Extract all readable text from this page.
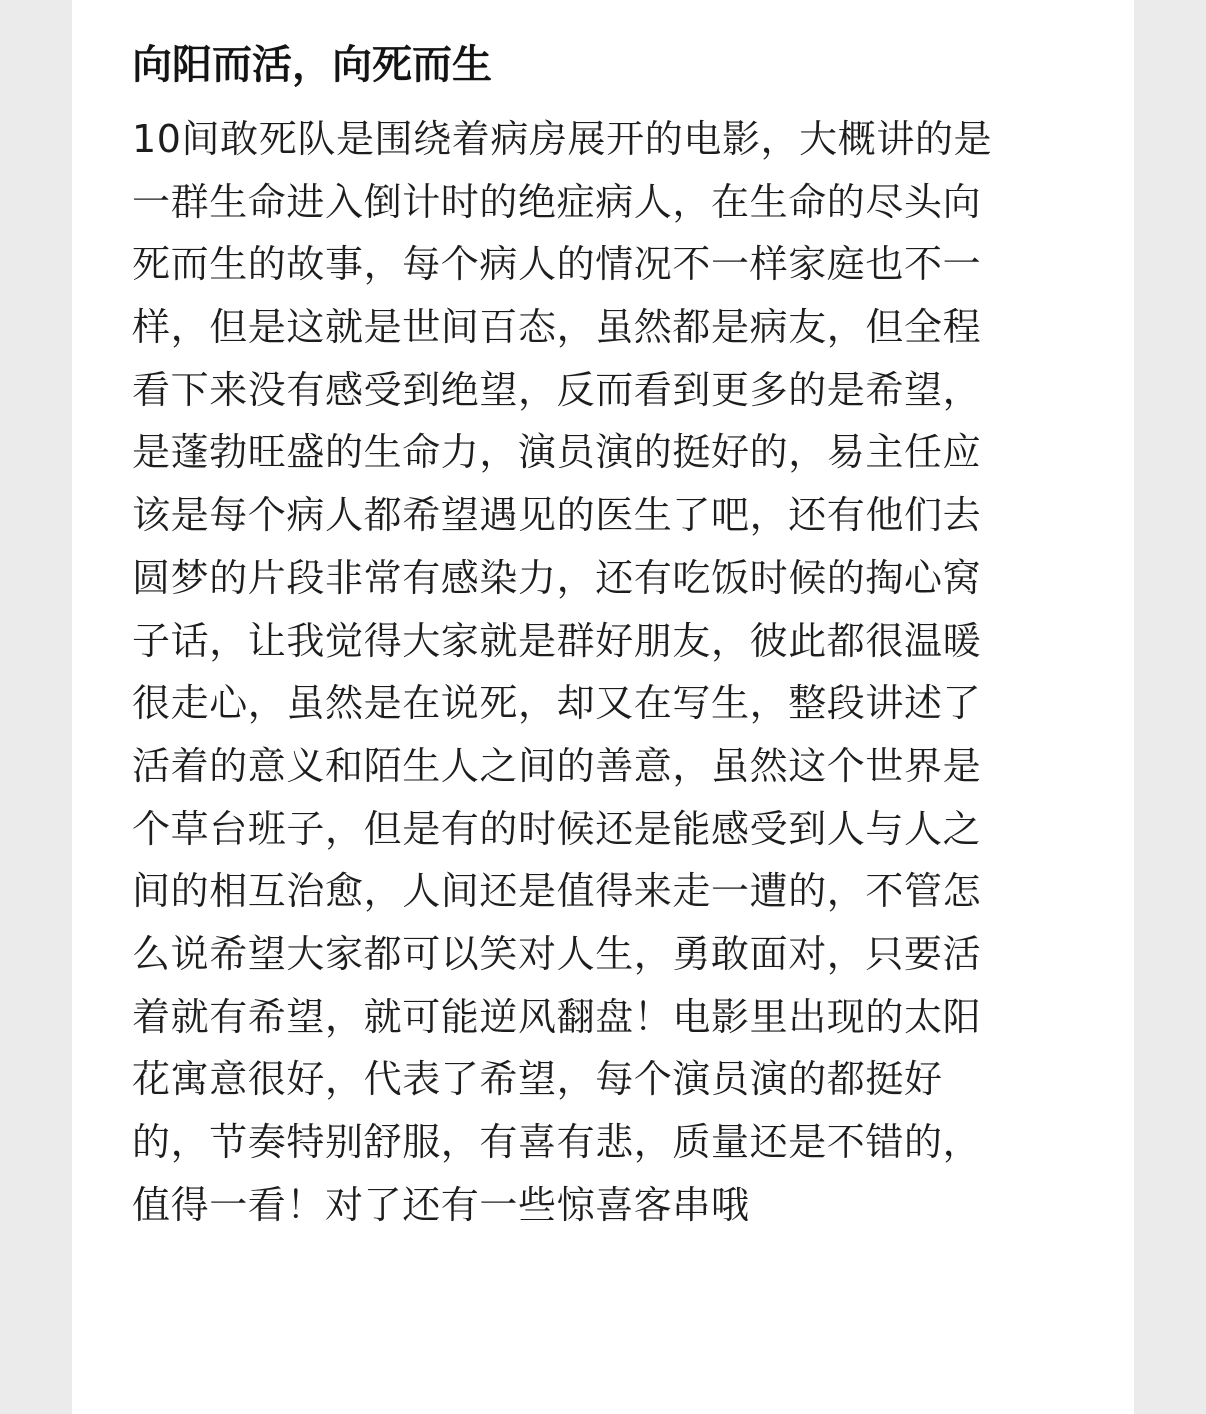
向阳而活，向死而生
10间敢死队是围绕着病房展开的电影，大概讲的是
一群生命进入倒计时的绝症病人，在生命的尽头向
死而生的故事，每个病人的情况不一样家庭也不一
样，但是这就是世间百态，虽然都是病友，但全程
看下来没有感受到绝望，反而看到更多的是希望，
是蓬勃旺盛的生命力，演员演的挺好的，易主任应
该是每个病人都希望遇见的医生了吧，还有他们去
圆梦的片段非常有感染力，还有吃饭时候的掏心窝
子话，让我觉得大家就是群好朋友，彼此都很温暖
很走心，虽然是在说死，却又在写生，整段讲述了
活着的意义和陌生人之间的善意，虽然这个世界是
个草台班子，但是有的时候还是能感受到人与人之
间的相互治愈，人间还是值得来走一遭的，不管怎
么说希望大家都可以笑对人生，勇敢面对，只要活
着就有希望，就可能逆风翻盘！电影里出现的太阳
花寓意很好，代表了希望，每个演员演的都挺好
的，节奏特别舒服，有喜有悲，质量还是不错的，
值得一看！对了还有一些惊喜客串哦
